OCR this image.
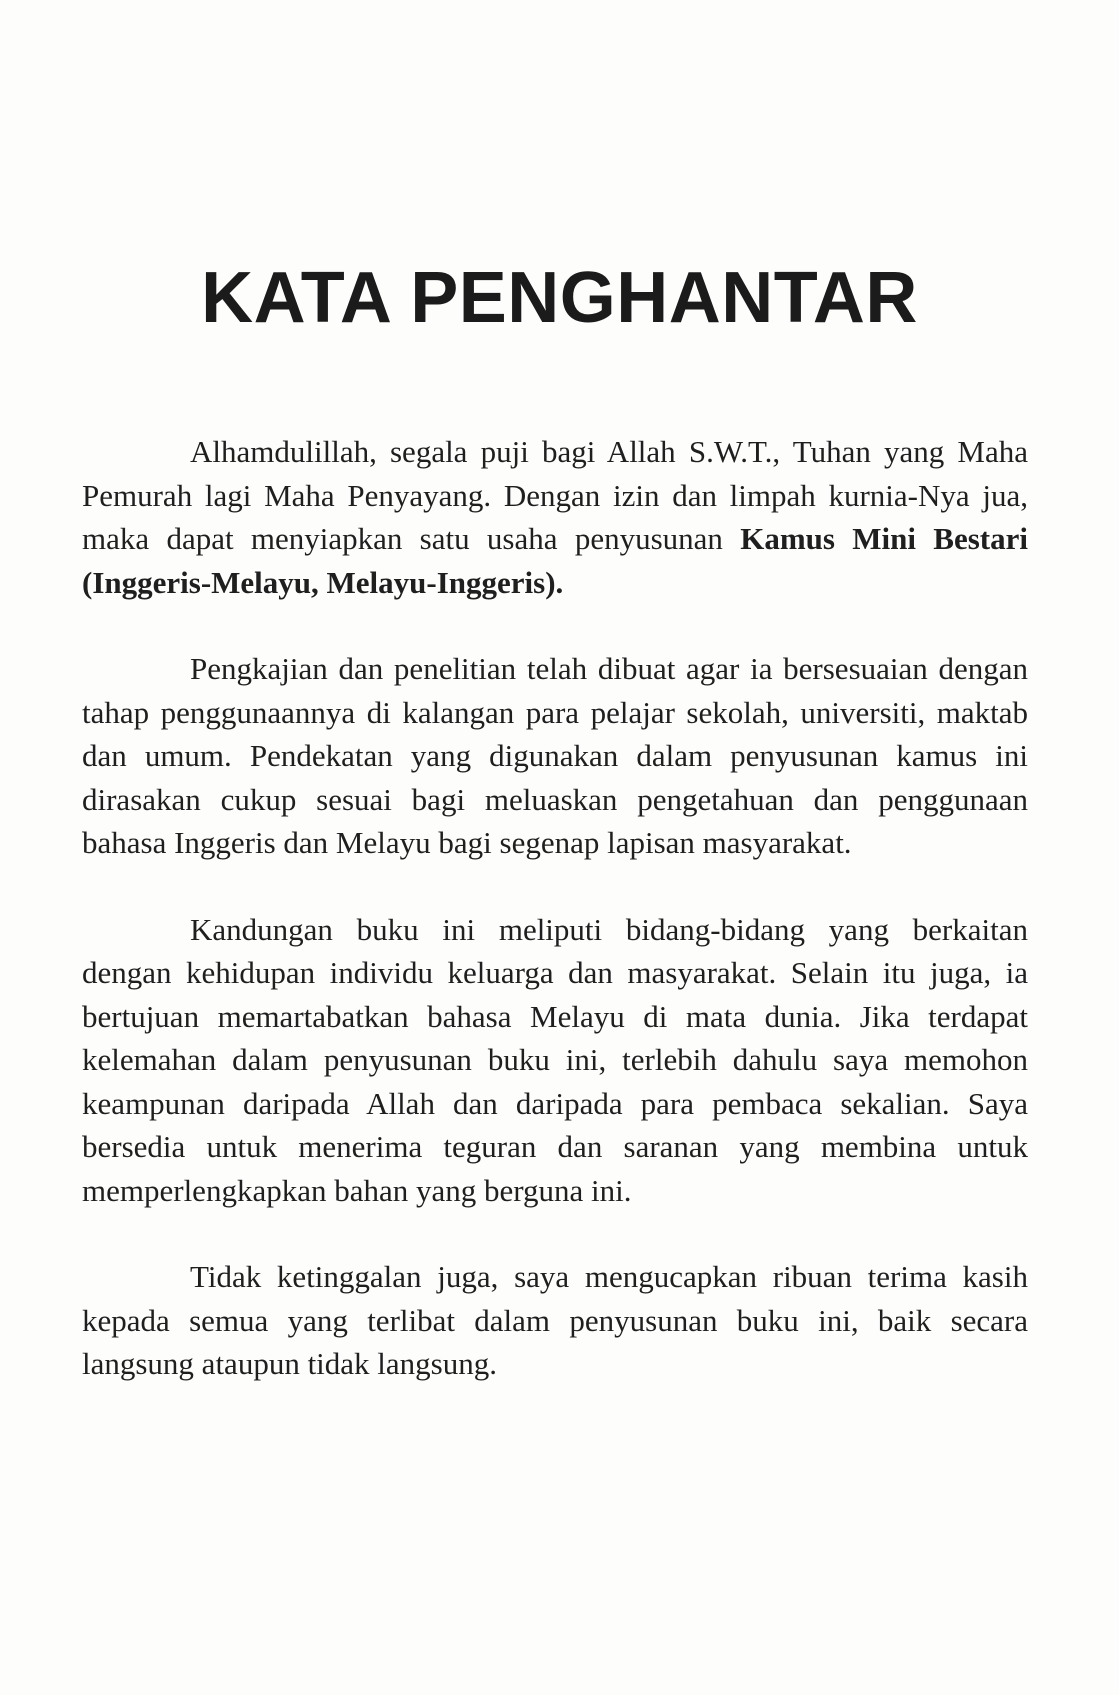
KATA PENGHANTAR

Alhamdulillah, segala puji bagi Allah S.W.T., Tuhan yang Maha Pemurah lagi Maha Penyayang. Dengan izin dan limpah kurnia-Nya jua, maka dapat menyiapkan satu usaha penyusunan Kamus Mini Bestari (Inggeris-Melayu, Melayu-Inggeris).

Pengkajian dan penelitian telah dibuat agar ia bersesuaian dengan tahap penggunaannya di kalangan para pelajar sekolah, universiti, maktab dan umum. Pendekatan yang digunakan dalam penyusunan kamus ini dirasakan cukup sesuai bagi meluaskan pengetahuan dan penggunaan bahasa Inggeris dan Melayu bagi segenap lapisan masyarakat.

Kandungan buku ini meliputi bidang-bidang yang berkaitan dengan kehidupan individu keluarga dan masyarakat. Selain itu juga, ia bertujuan memartabatkan bahasa Melayu di mata dunia. Jika terdapat kelemahan dalam penyusunan buku ini, terlebih dahulu saya memohon keampunan daripada Allah dan daripada para pembaca sekalian. Saya bersedia untuk menerima teguran dan saranan yang membina untuk memperlengkapkan bahan yang berguna ini.

Tidak ketinggalan juga, saya mengucapkan ribuan terima kasih kepada semua yang terlibat dalam penyusunan buku ini, baik secara langsung ataupun tidak langsung.
